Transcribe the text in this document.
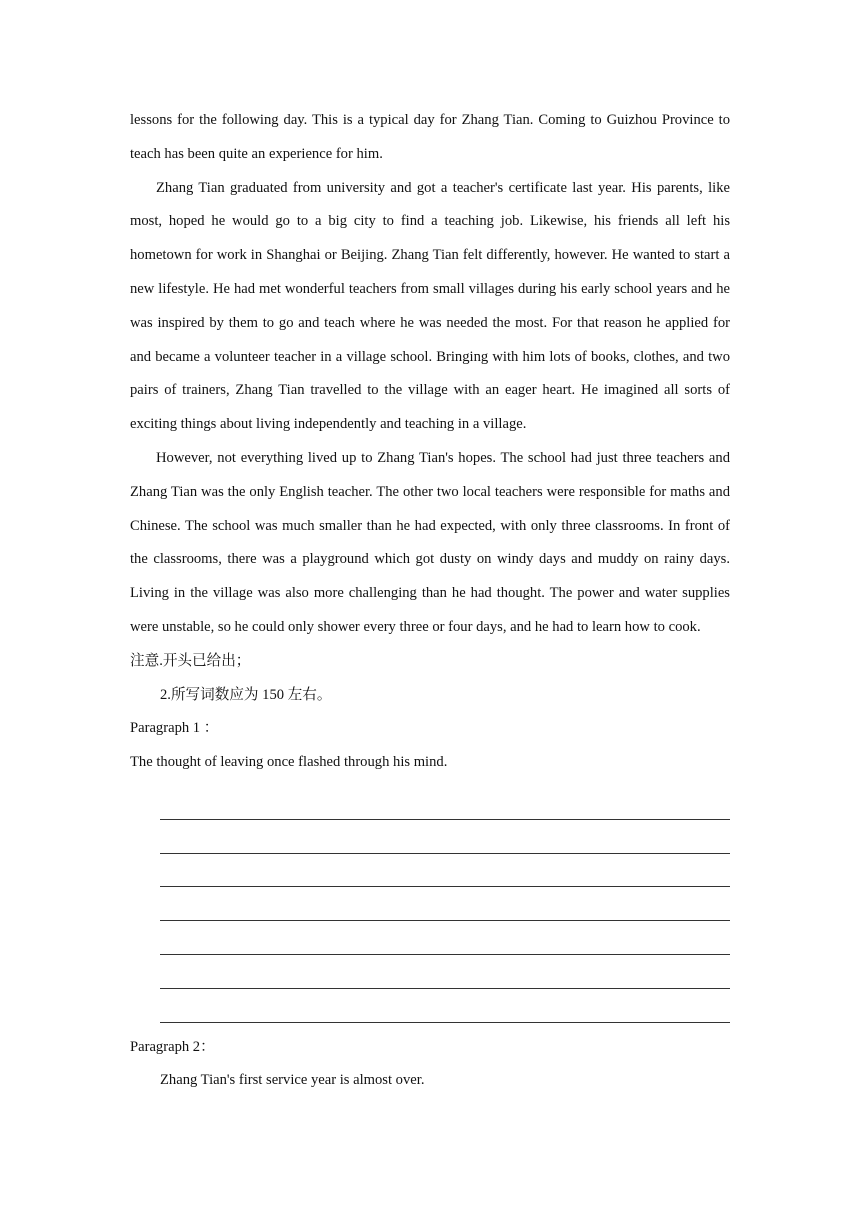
lessons for the following day. This is a typical day for Zhang Tian. Coming to Guizhou Province to teach has been quite an experience for him.

Zhang Tian graduated from university and got a teacher's certificate last year. His parents, like most, hoped he would go to a big city to find a teaching job. Likewise, his friends all left his hometown for work in Shanghai or Beijing. Zhang Tian felt differently, however. He wanted to start a new lifestyle. He had met wonderful teachers from small villages during his early school years and he was inspired by them to go and teach where he was needed the most. For that reason he applied for and became a volunteer teacher in a village school. Bringing with him lots of books, clothes, and two pairs of trainers, Zhang Tian travelled to the village with an eager heart. He imagined all sorts of exciting things about living independently and teaching in a village.

However, not everything lived up to Zhang Tian's hopes. The school had just three teachers and Zhang Tian was the only English teacher. The other two local teachers were responsible for maths and Chinese. The school was much smaller than he had expected, with only three classrooms. In front of the classrooms, there was a playground which got dusty on windy days and muddy on rainy days. Living in the village was also more challenging than he had thought. The power and water supplies were unstable, so he could only shower every three or four days, and he had to learn how to cook.

注意.开头已给出；

2.所写词数应为 150 左右。

Paragraph 1 ：

The thought of leaving once flashed through his mind.

Paragraph 2：

Zhang Tian's first service year is almost over.
